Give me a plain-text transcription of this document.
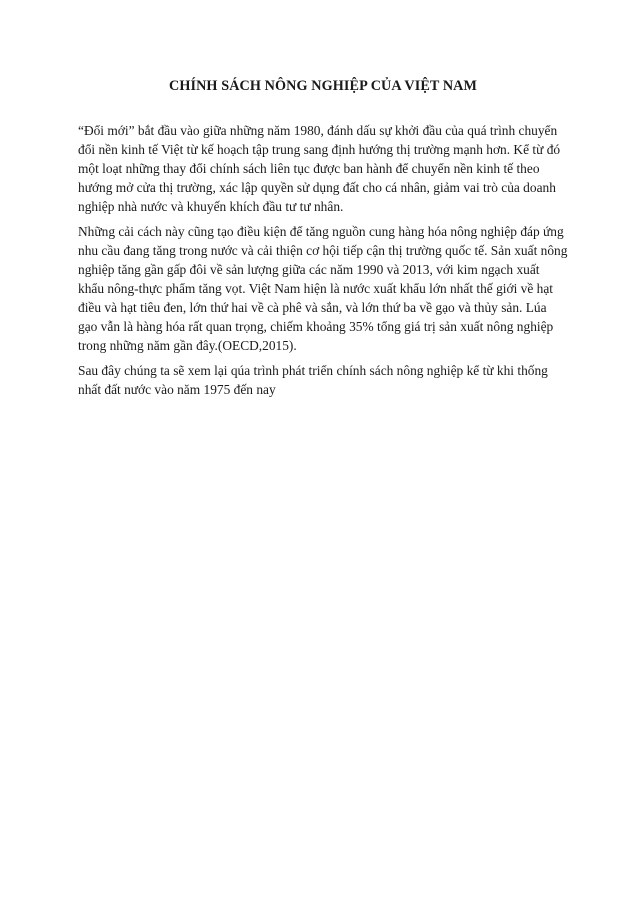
CHÍNH SÁCH NÔNG NGHIỆP CỦA VIỆT NAM

“Đổi mới” bắt đầu vào giữa những năm 1980, đánh dấu sự khởi đầu của quá trình chuyển đổi nền kinh tế Việt từ kế hoạch tập trung sang định hướng thị trường mạnh hơn. Kể từ đó một loạt những thay đổi chính sách liên tục được ban hành để chuyển nền kinh tế theo hướng mở cửa thị trường, xác lập quyền sử dụng đất cho cá nhân, giảm vai trò của doanh nghiệp nhà nước và khuyến khích đầu tư tư nhân.

Những cải cách này cũng tạo điều kiện để tăng nguồn cung hàng hóa nông nghiệp đáp ứng nhu cầu đang tăng trong nước và cải thiện cơ hội tiếp cận thị trường quốc tế. Sản xuất nông nghiệp tăng gần gấp đôi về sản lượng giữa các năm 1990 và 2013, với kim ngạch xuất khẩu nông-thực phẩm tăng vọt. Việt Nam hiện là nước xuất khẩu lớn nhất thế giới về hạt điều và hạt tiêu đen, lớn thứ hai về cà phê và sắn, và lớn thứ ba về gạo và thủy sản. Lúa gạo vẫn là hàng hóa rất quan trọng, chiếm khoảng 35% tổng giá trị sản xuất nông nghiệp trong những năm gần đây.(OECD,2015).

Sau đây chúng ta sẽ xem lại qúa trình phát triển chính sách nông nghiệp kể từ khi thống nhất đất nước vào năm 1975 đến nay
